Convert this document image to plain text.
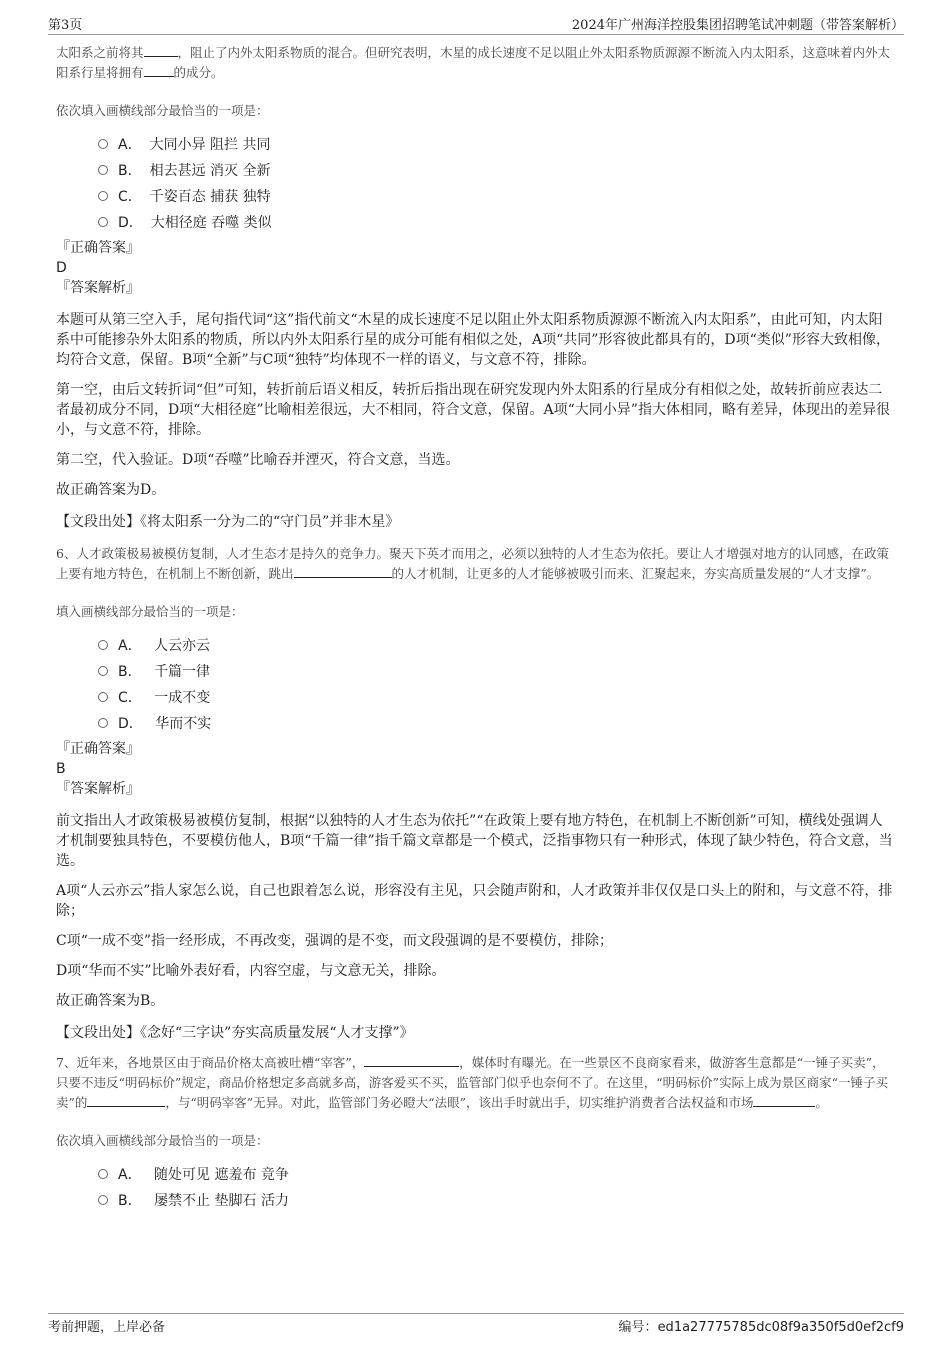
第3页	2024年广州海洋控股集团招聘笔试冲刺题（带答案解析）

太阳系之前将其	，阻止了内外太阳系物质的混合。但研究表明，木星的成长速度不足以阻止外太阳系物质源源不断流入内太阳系，这意味着内外太阳系行星将拥有 的成分。

依次填入画横线部分最恰当的一项是：

A． 大同小异 阻拦 共同
B． 相去甚远 消灭 全新
C． 千姿百态 捕获 独特
D． 大相径庭 吞噬 类似

『正确答案』

D

『答案解析』

本题可从第三空入手，尾句指代词“这”指代前文“木星的成长速度不足以阻止外太阳系物质源源不断流入内太阳系”，由此可知，内太阳系中可能掺杂外太阳系的物质，所以内外太阳系行星的成分可能有相似之处，A项“共同”形容彼此都具有的，D项“类似”形容大致相像，均符合文意，保留。B项“全新”与C项“独特”均体现不一样的语义，与文意不符，排除。

第一空，由后文转折词“但”可知，转折前后语义相反，转折后指出现在研究发现内外太阳系的行星成分有相似之处，故转折前应表达二者最初成分不同，D项“大相径庭”比喻相差很远，大不相同，符合文意，保留。A项“大同小异”指大体相同，略有差异，体现出的差异很小，与文意不符，排除。

第二空，代入验证。D项“吞噬”比喻吞并湮灭，符合文意，当选。

故正确答案为D。

【文段出处】《将太阳系一分为二的“守门员”并非木星》

6、人才政策极易被模仿复制，人才生态才是持久的竞争力。聚天下英才而用之，必须以独特的人才生态为依托。要让人才增强对地方的认同感，在政策上要有地方特色，在机制上不断创新，跳出	的人才机制，让更多的人才能够被吸引而来、汇聚起来，夯实高质量发展的“人才支撑”。

填入画横线部分最恰当的一项是：

A． 人云亦云
B． 千篇一律
C． 一成不变
D． 华而不实

『正确答案』

B

『答案解析』

前文指出人才政策极易被模仿复制，根据“以独特的人才生态为依托”“在政策上要有地方特色，在机制上不断创新”可知，横线处强调人才机制要独具特色，不要模仿他人，B项“千篇一律”指千篇文章都是一个模式，泛指事物只有一种形式，体现了缺少特色，符合文意，当选。

A项“人云亦云”指人家怎么说，自己也跟着怎么说，形容没有主见，只会随声附和，人才政策并非仅仅是口头上的附和，与文意不符，排除；

C项“一成不变”指一经形成，不再改变，强调的是不变，而文段强调的是不要模仿，排除；

D项“华而不实”比喻外表好看，内容空虚，与文意无关，排除。

故正确答案为B。

【文段出处】《念好“三字诀”夯实高质量发展“人才支撑”》

7、近年来，各地景区由于商品价格太高被吐槽“宰客”，	，媒体时有曝光。在一些景区不良商家看来，做游客生意都是“一锤子买卖”，只要不违反“明码标价”规定，商品价格想定多高就多高，游客爱买不买，监管部门似乎也奈何不了。在这里，“明码标价”实际上成为景区商家“一锤子买卖”的	，与“明码宰客”无异。对此，监管部门务必瞪大“法眼”，该出手时就出手，切实维护消费者合法权益和市场	。

依次填入画横线部分最恰当的一项是：

A． 随处可见 遮羞布 竞争
B． 屡禁不止 垫脚石 活力
考前押题，上岸必备	编号：ed1a27775785dc08f9a350f5d0ef2cf9
